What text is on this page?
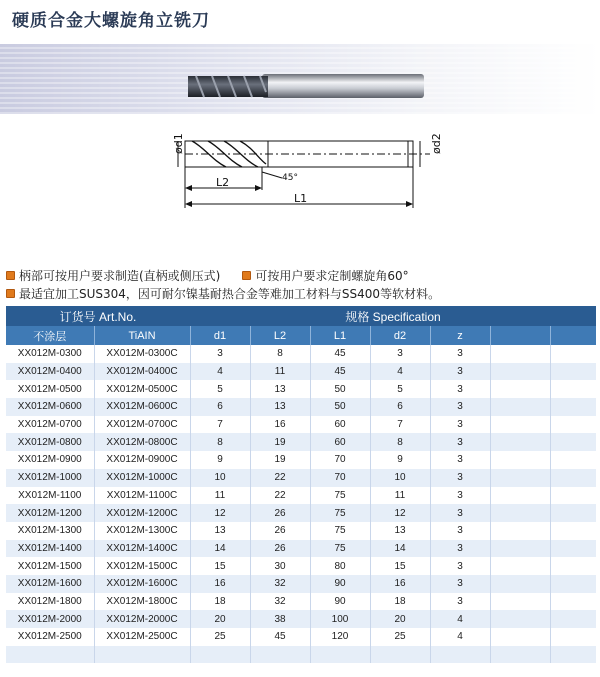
硬质合金大螺旋角立铣刀
ød1	ød2
L2
L1
45°
柄部可按用户要求制造(直柄或侧压式)	可按用户要求定制螺旋角60°
最适宜加工SUS304，因可耐尔镍基耐热合金等难加工材料与SS400等软材料。
订货号 Art.No.		规格 Specification						
不涂层	TiAIN	d1	L2	L1	d2	z		
XX012M-0300	XX012M-0300C	3	8	45	3	3		
XX012M-0400	XX012M-0400C	4	11	45	4	3		
XX012M-0500	XX012M-0500C	5	13	50	5	3		
XX012M-0600	XX012M-0600C	6	13	50	6	3		
XX012M-0700	XX012M-0700C	7	16	60	7	3		
XX012M-0800	XX012M-0800C	8	19	60	8	3		
XX012M-0900	XX012M-0900C	9	19	70	9	3		
XX012M-1000	XX012M-1000C	10	22	70	10	3		
XX012M-1100	XX012M-1100C	11	22	75	11	3		
XX012M-1200	XX012M-1200C	12	26	75	12	3		
XX012M-1300	XX012M-1300C	13	26	75	13	3		
XX012M-1400	XX012M-1400C	14	26	75	14	3		
XX012M-1500	XX012M-1500C	15	30	80	15	3		
XX012M-1600	XX012M-1600C	16	32	90	16	3		
XX012M-1800	XX012M-1800C	18	32	90	18	3		
XX012M-2000	XX012M-2000C	20	38	100	20	4		
XX012M-2500	XX012M-2500C	25	45	120	25	4		
